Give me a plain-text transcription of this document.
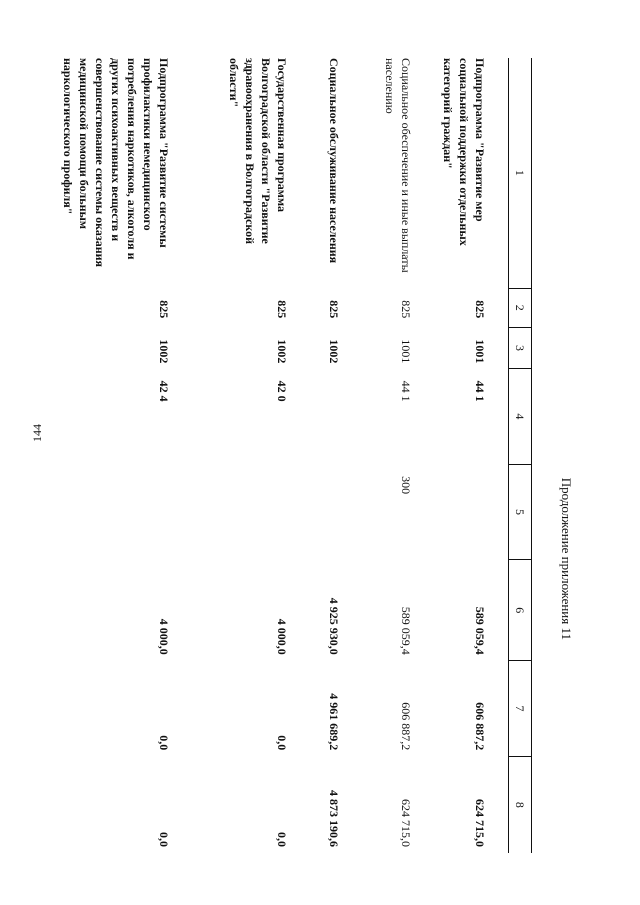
144
Продолжение приложения 11
1	2	3	4	5	6	7	8
Подпрограмма "Развитие мер социальной поддержки отдельных категорий граждан"	825	1001	44 1		589 059,4	606 887,2	624 715,0
Социальное обеспечение и иные выплаты населению	825	1001	44 1	300	589 059,4	606 887,2	624 715,0
Социальное обслуживание населения	825	1002			4 925 930,0	4 961 689,2	4 873 190,6
Государственная программа Волгоградской области "Развитие здравоохранения в Волгоградской области"	825	1002	42 0		4 000,0	0,0	0,0
Подпрограмма "Развитие системы профилактики немедицинского потребления наркотиков, алкоголя и других психоактивных веществ и совершенствование системы оказания медицинской помощи больным наркологического профиля"	825	1002	42 4		4 000,0	0,0	0,0
